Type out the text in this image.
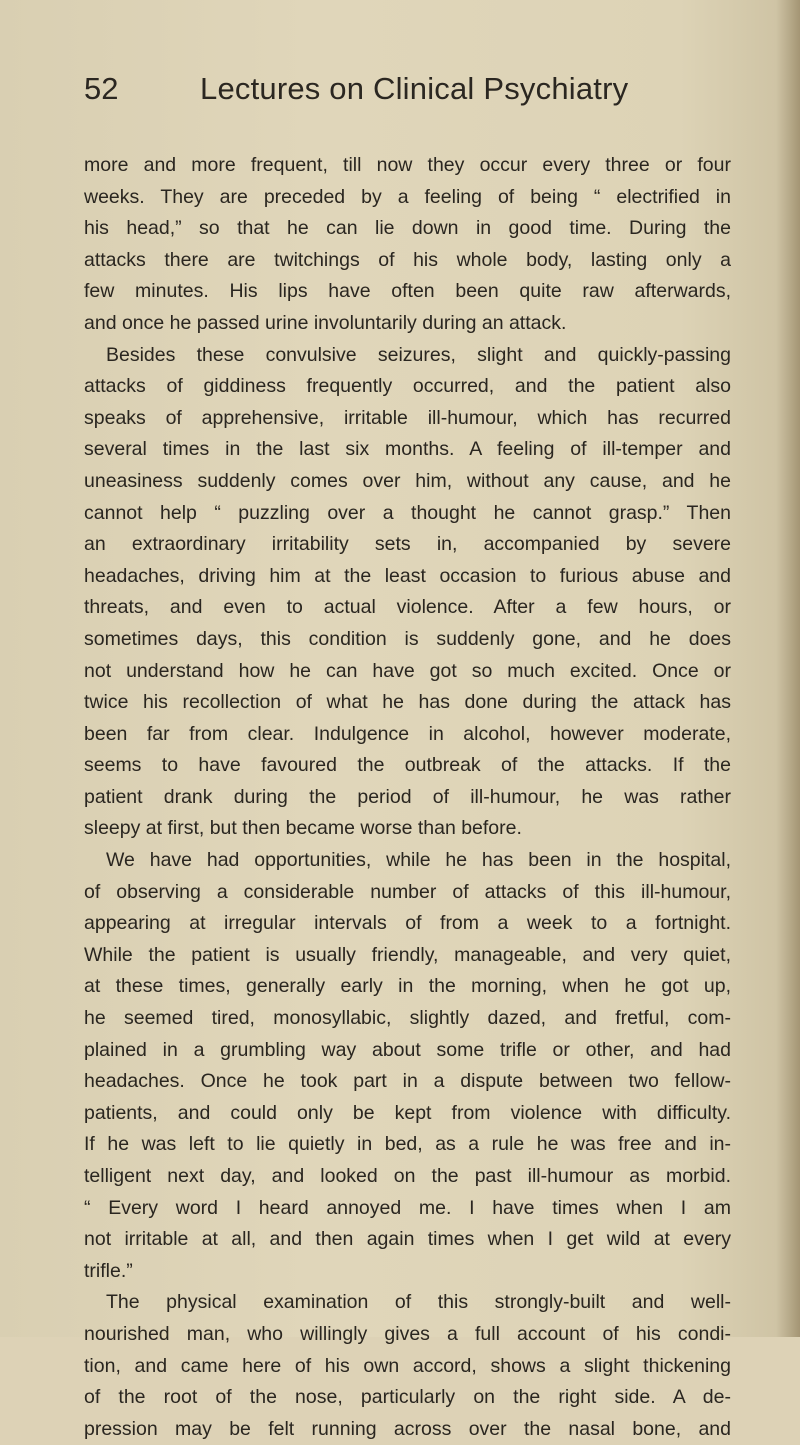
52	Lectures on Clinical Psychiatry
more and more frequent, till now they occur every three or four
weeks. They are preceded by a feeling of being “ electrified in
his head,” so that he can lie down in good time. During the
attacks there are twitchings of his whole body, lasting only a
few minutes. His lips have often been quite raw afterwards,
and once he passed urine involuntarily during an attack.
Besides these convulsive seizures, slight and quickly-passing
attacks of giddiness frequently occurred, and the patient also
speaks of apprehensive, irritable ill-humour, which has recurred
several times in the last six months. A feeling of ill-temper and
uneasiness suddenly comes over him, without any cause, and he
cannot help “ puzzling over a thought he cannot grasp.” Then
an extraordinary irritability sets in, accompanied by severe
headaches, driving him at the least occasion to furious abuse and
threats, and even to actual violence. After a few hours, or
sometimes days, this condition is suddenly gone, and he does
not understand how he can have got so much excited. Once or
twice his recollection of what he has done during the attack has
been far from clear. Indulgence in alcohol, however moderate,
seems to have favoured the outbreak of the attacks. If the
patient drank during the period of ill-humour, he was rather
sleepy at first, but then became worse than before.
We have had opportunities, while he has been in the hospital,
of observing a considerable number of attacks of this ill-humour,
appearing at irregular intervals of from a week to a fortnight.
While the patient is usually friendly, manageable, and very quiet,
at these times, generally early in the morning, when he got up,
he seemed tired, monosyllabic, slightly dazed, and fretful, com-
plained in a grumbling way about some trifle or other, and had
headaches. Once he took part in a dispute between two fellow-
patients, and could only be kept from violence with difficulty.
If he was left to lie quietly in bed, as a rule he was free and in-
telligent next day, and looked on the past ill-humour as morbid.
“ Every word I heard annoyed me. I have times when I am
not irritable at all, and then again times when I get wild at every
trifle.”
The physical examination of this strongly-built and well-
nourished man, who willingly gives a full account of his condi-
tion, and came here of his own accord, shows a slight thickening
of the root of the nose, particularly on the right side. A de-
pression may be felt running across over the nasal bone, and
